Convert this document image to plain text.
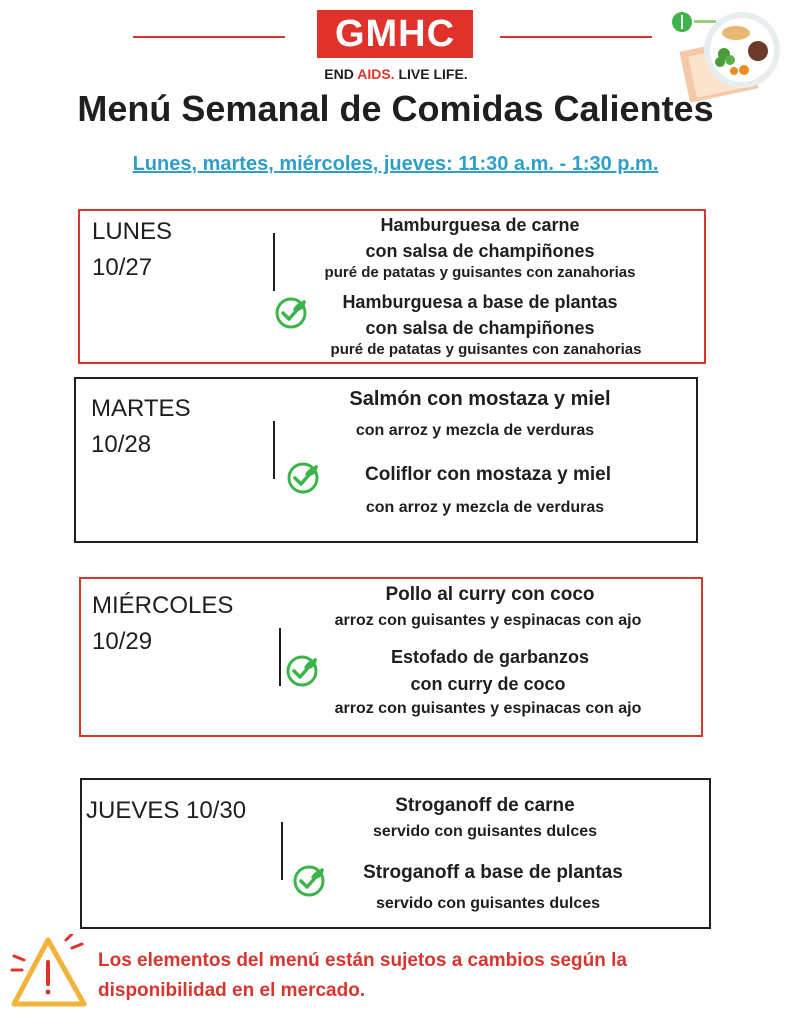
GMHC
END AIDS. LIVE LIFE.
Menú Semanal de Comidas Calientes
Lunes, martes, miércoles, jueves: 11:30 a.m. - 1:30 p.m.
LUNES
10/27
Hamburguesa de carne
con salsa de champiñones
puré de patatas y guisantes con zanahorias
Hamburguesa a base de plantas
con salsa de champiñones
puré de patatas y guisantes con zanahorias
MARTES
10/28
Salmón con mostaza y miel
con arroz y mezcla de verduras
Coliflor con mostaza y miel
con arroz y mezcla de verduras
MIÉRCOLES
10/29
Pollo al curry con coco
arroz con guisantes y espinacas con ajo
Estofado de garbanzos
con curry de coco
arroz con guisantes y espinacas con ajo
JUEVES 10/30	Stroganoff de carne
servido con guisantes dulces
Stroganoff a base de plantas
servido con guisantes dulces
Los elementos del menú están sujetos a cambios según la disponibilidad en el mercado.
